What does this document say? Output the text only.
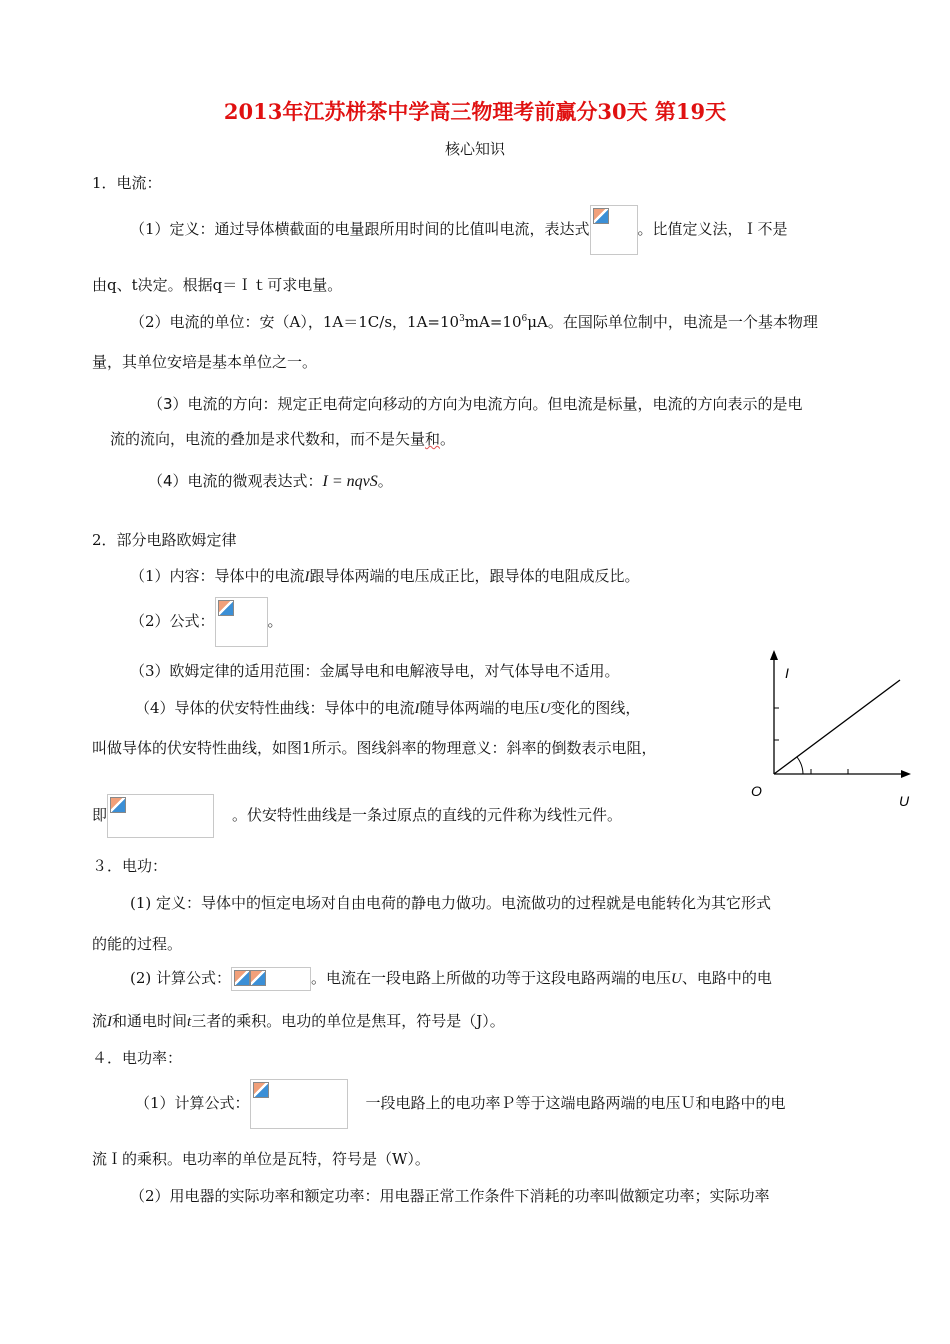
2013年江苏栟茶中学高三物理考前赢分30天 第19天
核心知识
1．电流：
（1）定义：通过导体横截面的电量跟所用时间的比值叫电流，表达式	。比值定义法，Ｉ不是
由q、t决定。根据q＝Ｉｔ可求电量。
（2）电流的单位：安（A），1A＝1C/s，$1A=10^3mA=10^6\mu A$。在国际单位制中，电流是一个基本物理
量，其单位安培是基本单位之一。
（3）电流的方向：规定正电荷定向移动的方向为电流方向。但电流是标量，电流的方向表示的是电
流的流向，电流的叠加是求代数和，而不是矢量和。
（4）电流的微观表达式：I = nqvS。
2．部分电路欧姆定律
（1）内容：导体中的电流I跟导体两端的电压成正比，跟导体的电阻成反比。
（2）公式：	。
（3）欧姆定律的适用范围：金属导电和电解液导电，对气体导电不适用。
（4）导体的伏安特性曲线：导体中的电流I随导体两端的电压U变化的图线，
叫做导体的伏安特性曲线，如图1所示。图线斜率的物理意义：斜率的倒数表示电阻，
即	。伏安特性曲线是一条过原点的直线的元件称为线性元件。
I
O
U
３．电功：
(1) 定义：导体中的恒定电场对自由电荷的静电力做功。电流做功的过程就是电能转化为其它形式
的能的过程。
(2) 计算公式：	。电流在一段电路上所做的功等于这段电路两端的电压U、电路中的电
流I和通电时间t三者的乘积。电功的单位是焦耳，符号是（J）。
４．电功率：
（1）计算公式：	一段电路上的电功率Ｐ等于这端电路两端的电压Ｕ和电路中的电
流Ｉ的乘积。电功率的单位是瓦特，符号是（W）。
（2）用电器的实际功率和额定功率：用电器正常工作条件下消耗的功率叫做额定功率；实际功率
